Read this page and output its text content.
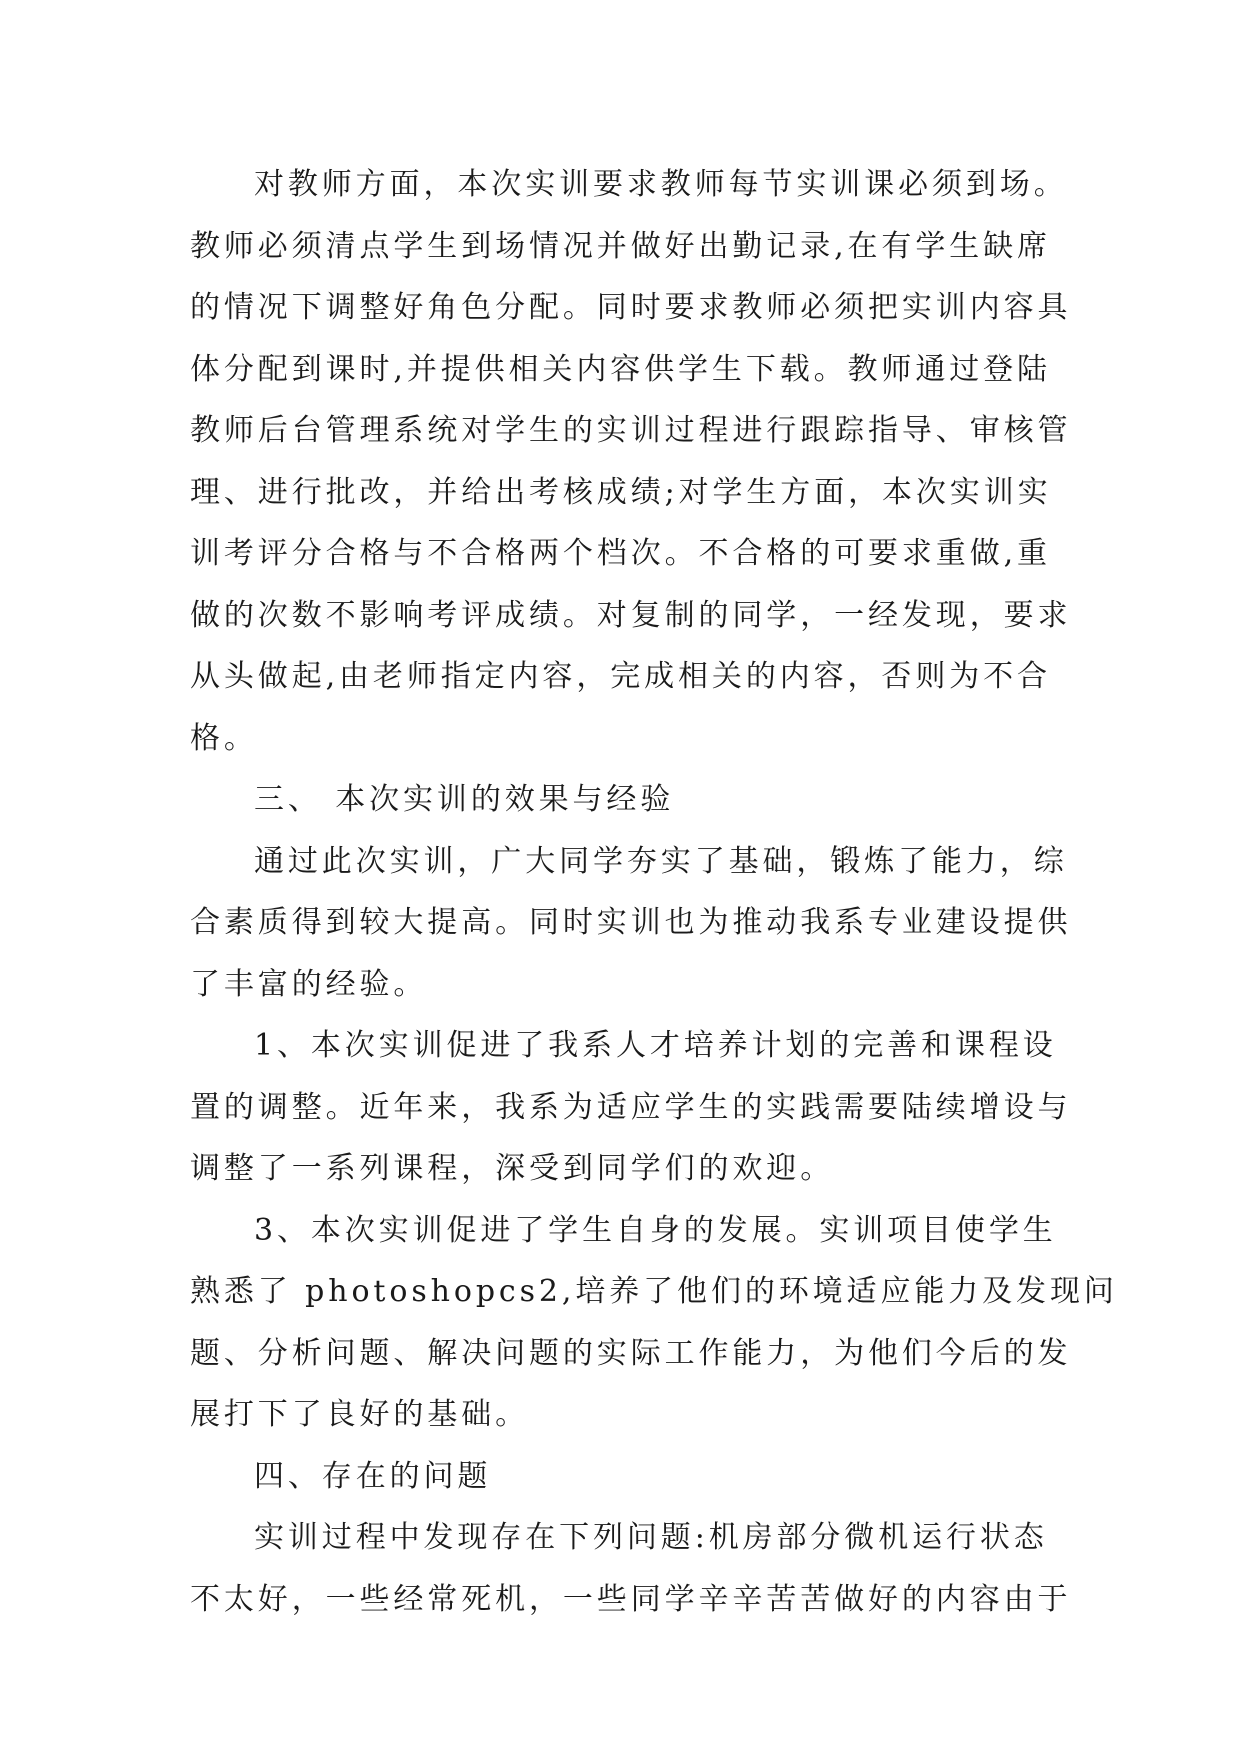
对教师方面，本次实训要求教师每节实训课必须到场。
教师必须清点学生到场情况并做好出勤记录,在有学生缺席
的情况下调整好角色分配。同时要求教师必须把实训内容具
体分配到课时,并提供相关内容供学生下载。教师通过登陆
教师后台管理系统对学生的实训过程进行跟踪指导、审核管
理、进行批改，并给出考核成绩;对学生方面，本次实训实
训考评分合格与不合格两个档次。不合格的可要求重做,重
做的次数不影响考评成绩。对复制的同学，一经发现，要求
从头做起,由老师指定内容，完成相关的内容，否则为不合
格。
三、 本次实训的效果与经验
通过此次实训，广大同学夯实了基础，锻炼了能力，综
合素质得到较大提高。同时实训也为推动我系专业建设提供
了丰富的经验。
1、本次实训促进了我系人才培养计划的完善和课程设
置的调整。近年来，我系为适应学生的实践需要陆续增设与
调整了一系列课程，深受到同学们的欢迎。
3、本次实训促进了学生自身的发展。实训项目使学生
熟悉了 photoshopcs2,培养了他们的环境适应能力及发现问
题、分析问题、解决问题的实际工作能力，为他们今后的发
展打下了良好的基础。
四、存在的问题
实训过程中发现存在下列问题:机房部分微机运行状态
不太好，一些经常死机，一些同学辛辛苦苦做好的内容由于
